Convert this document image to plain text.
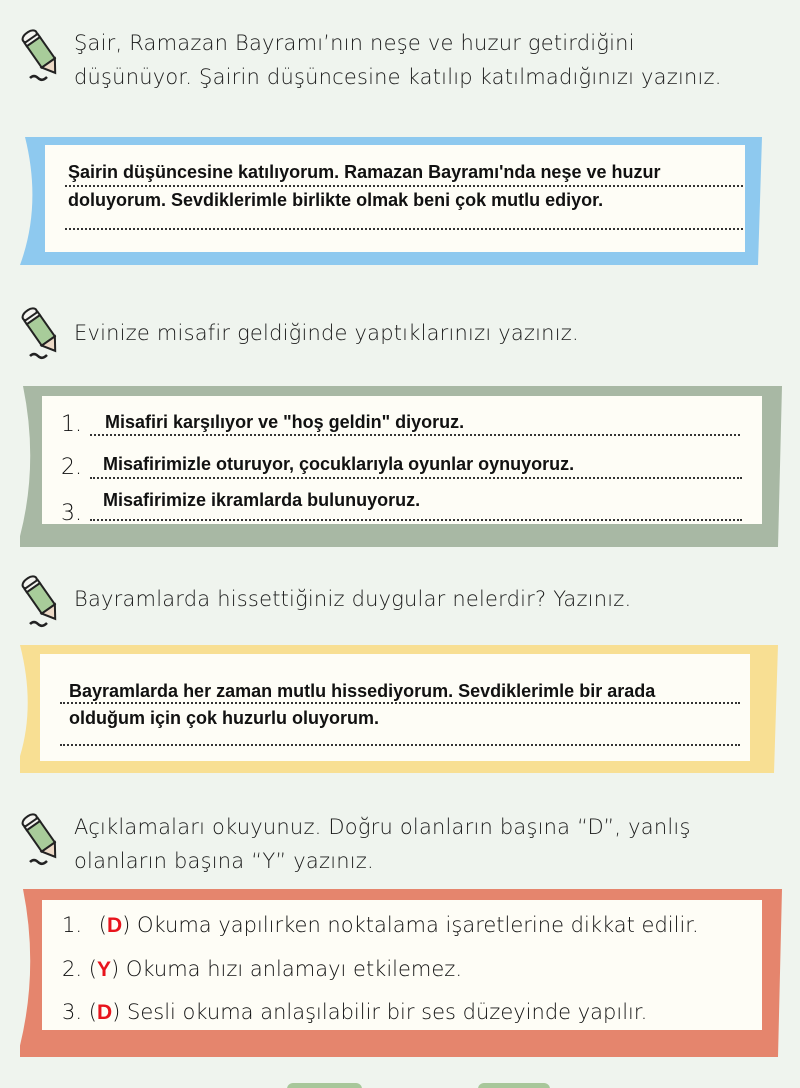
Şair, Ramazan Bayramı’nın neşe ve huzur getirdiğini
düşünüyor. Şairin düşüncesine katılıp katılmadığınızı yazınız.
Şairin düşüncesine katılıyorum. Ramazan Bayramı'nda neşe ve huzur
doluyorum. Sevdiklerimle birlikte olmak beni çok mutlu ediyor.
Evinize misafir geldiğinde yaptıklarınızı yazınız.
1. Misafiri karşılıyor ve "hoş geldin" diyoruz.
2. Misafirimizle oturuyor, çocuklarıyla oyunlar oynuyoruz.
3.
Misafirimize ikramlarda bulunuyoruz.
Bayramlarda hissettiğiniz duygular nelerdir? Yazınız.
Bayramlarda her zaman mutlu hissediyorum. Sevdiklerimle bir arada
olduğum için çok huzurlu oluyorum.
Açıklamaları okuyunuz. Doğru olanların başına “D”, yanlış
olanların başına “Y” yazınız.
1. (D) Okuma yapılırken noktalama işaretlerine dikkat edilir.
2. (Y) Okuma hızı anlamayı etkilemez.
3. (D) Sesli okuma anlaşılabilir bir ses düzeyinde yapılır.
